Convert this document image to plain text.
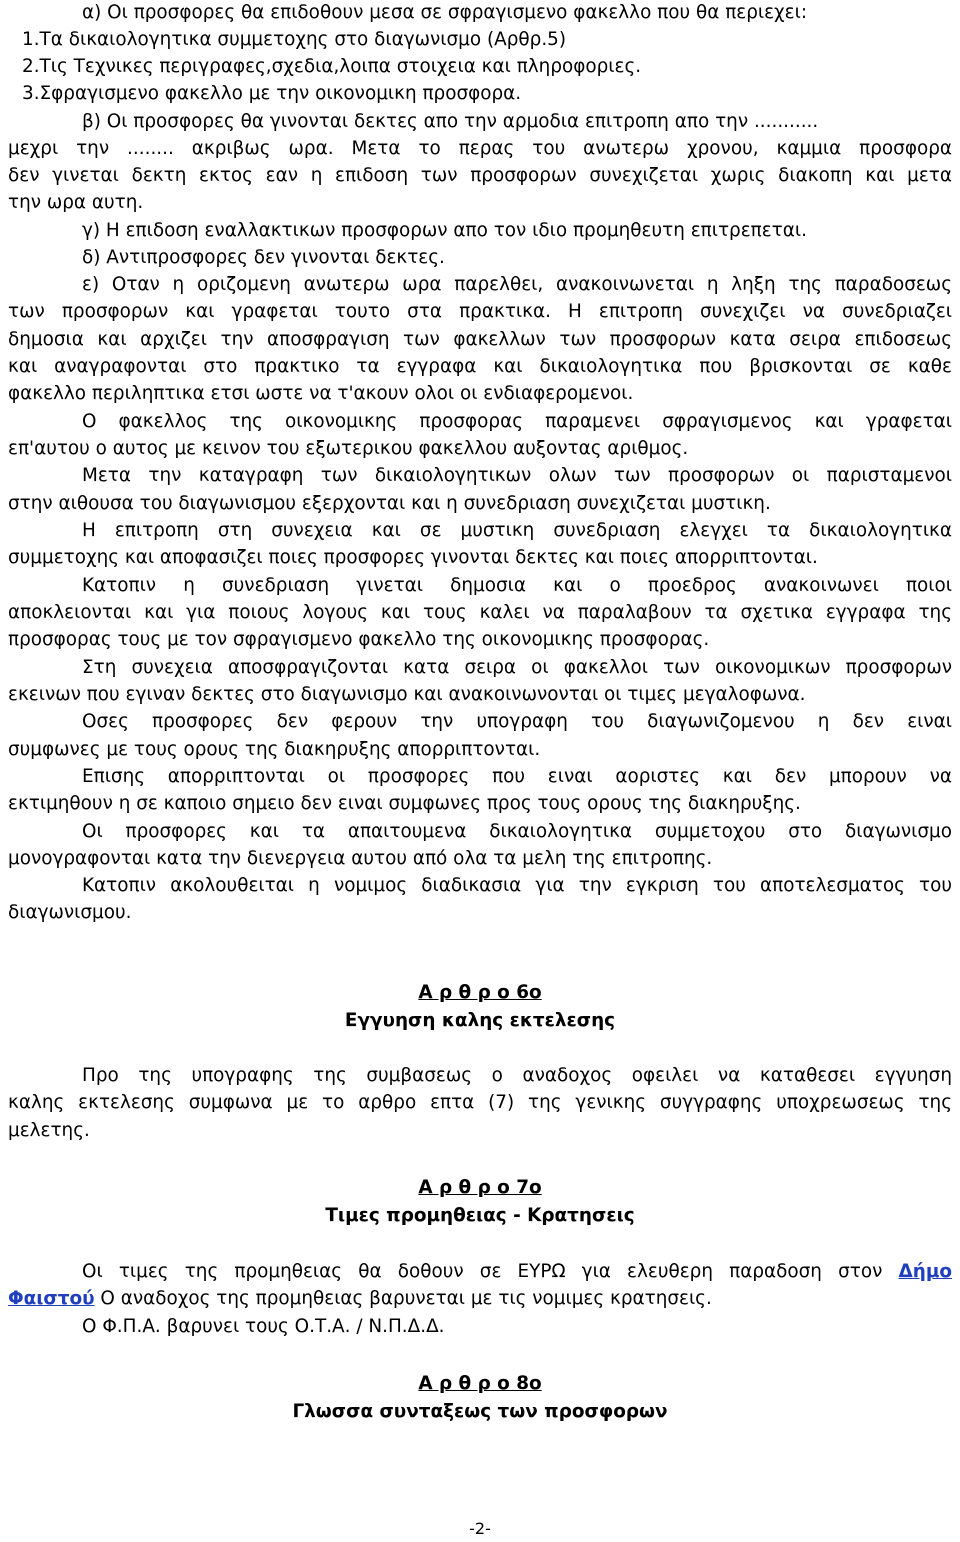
α) Οι προσφορες θα επιδοθουν μεσα σε σφραγισμενο φακελλο που θα περιεχει:
1.Τα δικαιολογητικα συμμετοχης στο διαγωνισμο (Αρθρ.5)
2.Τις Τεχνικες περιγραφες,σχεδια,λοιπα στοιχεια και πληροφοριες.
3.Σφραγισμενο φακελλο με την οικονομικη προσφορα.
β) Οι προσφορες θα γινονται δεκτες απο την αρμοδια επιτροπη απο την ...........
μεχρι την ........ ακριβως ωρα. Μετα το περας του ανωτερω χρονου, καμμια προσφορα
δεν γινεται δεκτη εκτος εαν η επιδοση των προσφορων συνεχιζεται χωρις διακοπη και μετα
την ωρα αυτη.
γ) Η επιδοση εναλλακτικων προσφορων απο τον ιδιο προμηθευτη επιτρεπεται.
δ) Αντιπροσφορες δεν γινονται δεκτες.
ε) Οταν η οριζομενη ανωτερω ωρα παρελθει, ανακοινωνεται η ληξη της παραδοσεως
των προσφορων και γραφεται τουτο στα πρακτικα. Η επιτροπη συνεχιζει να συνεδριαζει
δημοσια και αρχιζει την αποσφραγιση των φακελλων των προσφορων κατα σειρα επιδοσεως
και αναγραφονται στο πρακτικο τα εγγραφα και δικαιολογητικα που βρισκονται σε καθε
φακελλο περιληπτικα ετσι ωστε να τ'ακουν ολοι οι ενδιαφερομενοι.
Ο φακελλος της οικονομικης προσφορας παραμενει σφραγισμενος και γραφεται
επ'αυτου ο αυτος με κεινον του εξωτερικου φακελλου αυξοντας αριθμος.
Μετα την καταγραφη των δικαιολογητικων ολων των προσφορων οι παρισταμενοι
στην αιθουσα του διαγωνισμου εξερχονται και η συνεδριαση συνεχιζεται μυστικη.
Η επιτροπη στη συνεχεια και σε μυστικη συνεδριαση ελεγχει τα δικαιολογητικα
συμμετοχης και αποφασιζει ποιες προσφορες γινονται δεκτες και ποιες απορριπτονται.
Κατοπιν η συνεδριαση γινεται δημοσια και ο προεδρος ανακοινωνει ποιοι
αποκλειονται και για ποιους λογους και τους καλει να παραλαβουν τα σχετικα εγγραφα της
προσφορας τους με τον σφραγισμενο φακελλο της οικονομικης προσφορας.
Στη συνεχεια αποσφραγιζονται κατα σειρα οι φακελλοι των οικονομικων προσφορων
εκεινων που εγιναν δεκτες στο διαγωνισμο και ανακοινωνονται οι τιμες μεγαλοφωνα.
Οσες προσφορες δεν φερουν την υπογραφη του διαγωνιζομενου η δεν ειναι
συμφωνες με τους ορους της διακηρυξης απορριπτονται.
Επισης απορριπτονται οι προσφορες που ειναι αοριστες και δεν μπορουν να
εκτιμηθουν η σε καποιο σημειο δεν ειναι συμφωνες προς τους ορους της διακηρυξης.
Οι προσφορες και τα απαιτουμενα δικαιολογητικα συμμετοχου στο διαγωνισμο
μονογραφονται κατα την διενεργεια αυτου από ολα τα μελη της επιτροπης.
Κατοπιν ακολουθειται η νομιμος διαδικασια για την εγκριση του αποτελεσματος του
διαγωνισμου.
Α ρ θ ρ ο 6ο
Εγγυηση καλης εκτελεσης
Προ της υπογραφης της συμβασεως ο αναδοχος οφειλει να καταθεσει εγγυηση
καλης εκτελεσης συμφωνα με το αρθρο επτα (7) της γενικης συγγραφης υποχρεωσεως της
μελετης.
Α ρ θ ρ ο 7ο
Τιμες προμηθειας - Κρατησεις
Οι τιμες της προμηθειας θα δοθουν σε ΕΥΡΩ για ελευθερη παραδοση στον Δήμο
Φαιστού Ο αναδοχος της προμηθειας βαρυνεται με τις νομιμες κρατησεις.
Ο Φ.Π.Α. βαρυνει τους Ο.Τ.Α. / Ν.Π.Δ.Δ.
Α ρ θ ρ ο 8ο
Γλωσσα συνταξεως των προσφορων
-2-
